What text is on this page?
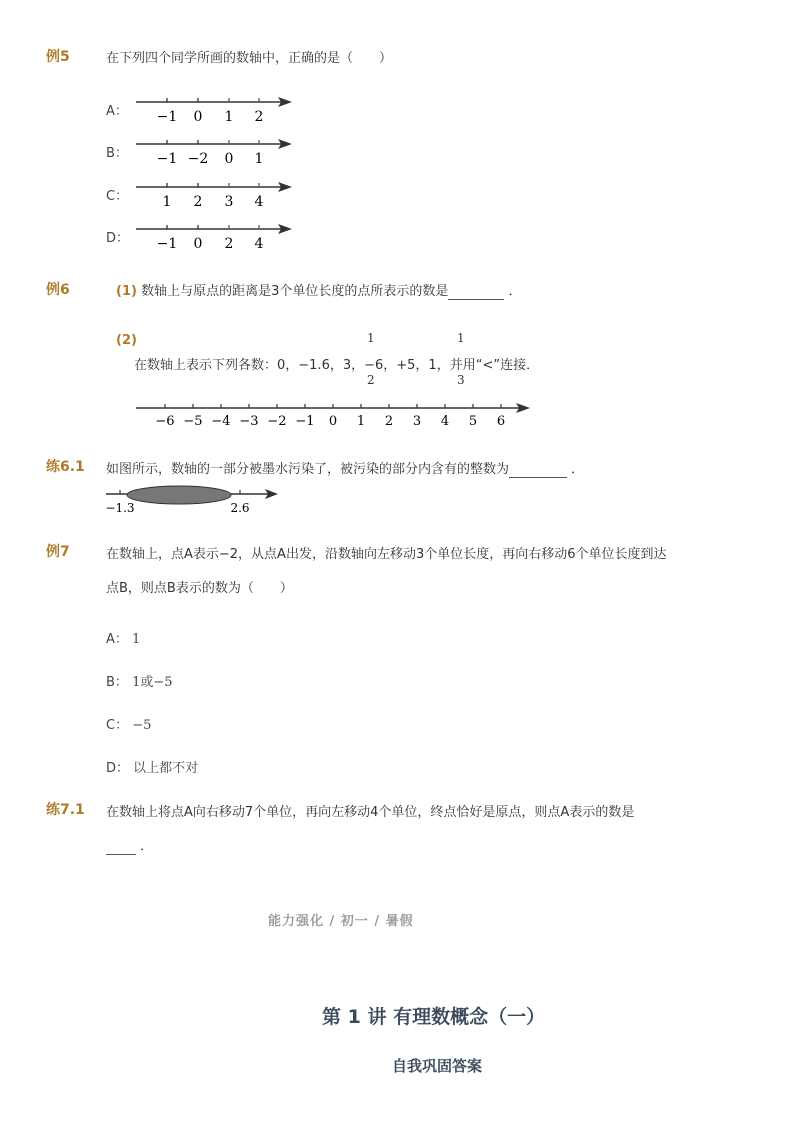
例5	在下列四个同学所画的数轴中，正确的是（　　）
A： −1 0 1 2
B： −1 −2 0 1
C： 1 2 3 4
D： −1 0 2 4
例6	(1) 数轴上与原点的距离是3个单位长度的点所表示的数是	．
(2)	1
2
1
3
在数轴上表示下列各数：0，−1.6，3，−6，+5，1，并用“<”连接．
−6 −5 −4 −3 −2 −1 0 1 2 3 4 5 6
练6.1 如图所示，数轴的一部分被墨水污染了，被污染的部分内含有的整数为	．
−1.3	2.6
例7	在数轴上，点A表示−2，从点A出发，沿数轴向左移动3个单位长度，再向右移动6个单位长度到达
点B，则点B表示的数为（　　）
A： 1
B： 1或−5
C： −5
D： 以上都不对
练7.1 在数轴上将点A向右移动7个单位，再向左移动4个单位，终点恰好是原点，则点A表示的数是
．
能力强化 / 初一 / 暑假
第 1 讲 有理数概念（一）
自我巩固答案
